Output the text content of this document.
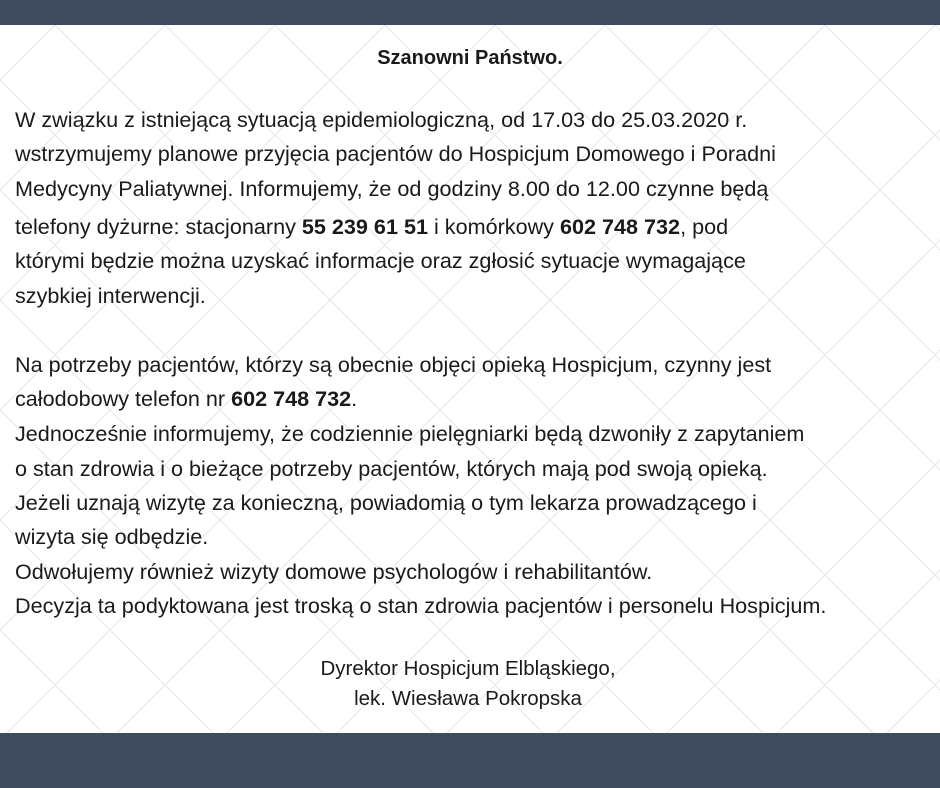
Szanowni Państwo.
W związku z istniejącą sytuacją epidemiologiczną, od 17.03 do 25.03.2020 r.
wstrzymujemy planowe przyjęcia pacjentów do Hospicjum Domowego i Poradni
Medycyny Paliatywnej. Informujemy, że od godziny 8.00 do 12.00 czynne będą
telefony dyżurne: stacjonarny 55 239 61 51 i komórkowy 602 748 732, pod
którymi będzie można uzyskać informacje oraz zgłosić sytuacje wymagające
szybkiej interwencji.
Na potrzeby pacjentów, którzy są obecnie objęci opieką Hospicjum, czynny jest
całodobowy telefon nr 602 748 732.
Jednocześnie informujemy, że codziennie pielęgniarki będą dzwoniły z zapytaniem
o stan zdrowia i o bieżące potrzeby pacjentów, których mają pod swoją opieką.
Jeżeli uznają wizytę za konieczną, powiadomią o tym lekarza prowadzącego i
wizyta się odbędzie.
Odwołujemy również wizyty domowe psychologów i rehabilitantów.
Decyzja ta podyktowana jest troską o stan zdrowia pacjentów i personelu Hospicjum.
Dyrektor Hospicjum Elbląskiego,
lek. Wiesława Pokropska
